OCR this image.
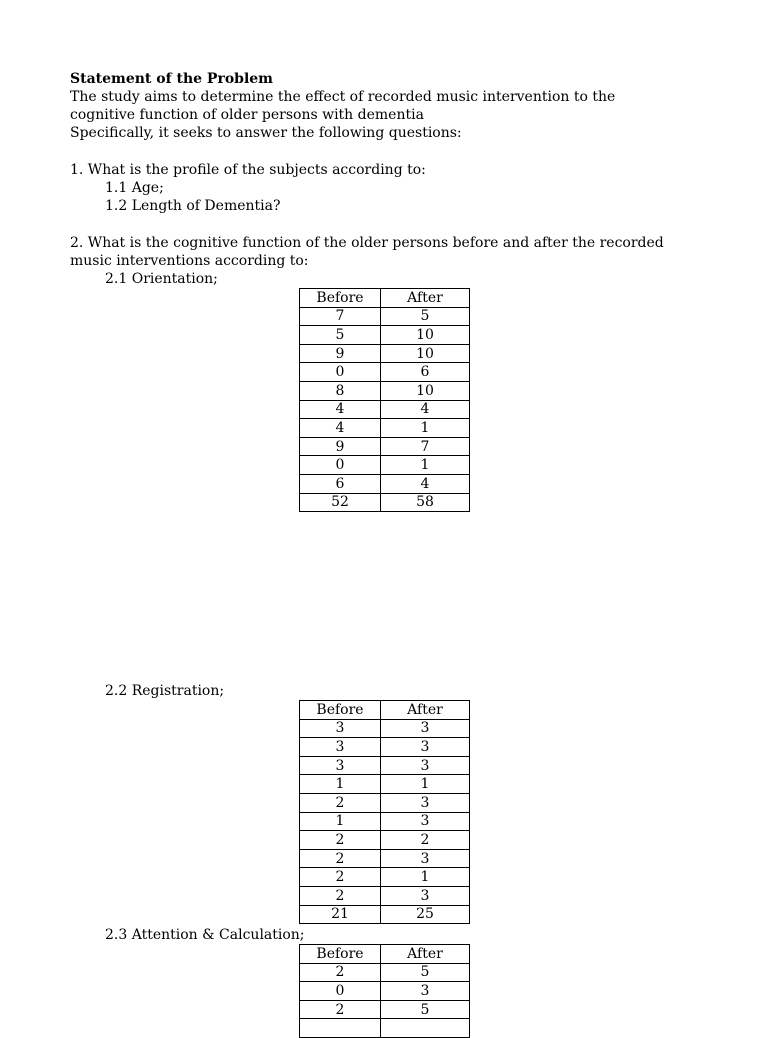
Statement of the Problem
The study aims to determine the effect of recorded music intervention to the
cognitive function of older persons with dementia
Specifically, it seeks to answer the following questions:
1. What is the profile of the subjects according to:
1.1 Age;
1.2 Length of Dementia?
2. What is the cognitive function of the older persons before and after the recorded
music interventions according to:
2.1 Orientation;
Before	After
7	5
5	10
9	10
0	6
8	10
4	4
4	1
9	7
0	1
6	4
52	58
2.2 Registration;
Before	After
3	3
3	3
3	3
1	1
2	3
1	3
2	2
2	3
2	1
2	3
21	25
2.3 Attention & Calculation;
Before	After
2	5
0	3
2	5
